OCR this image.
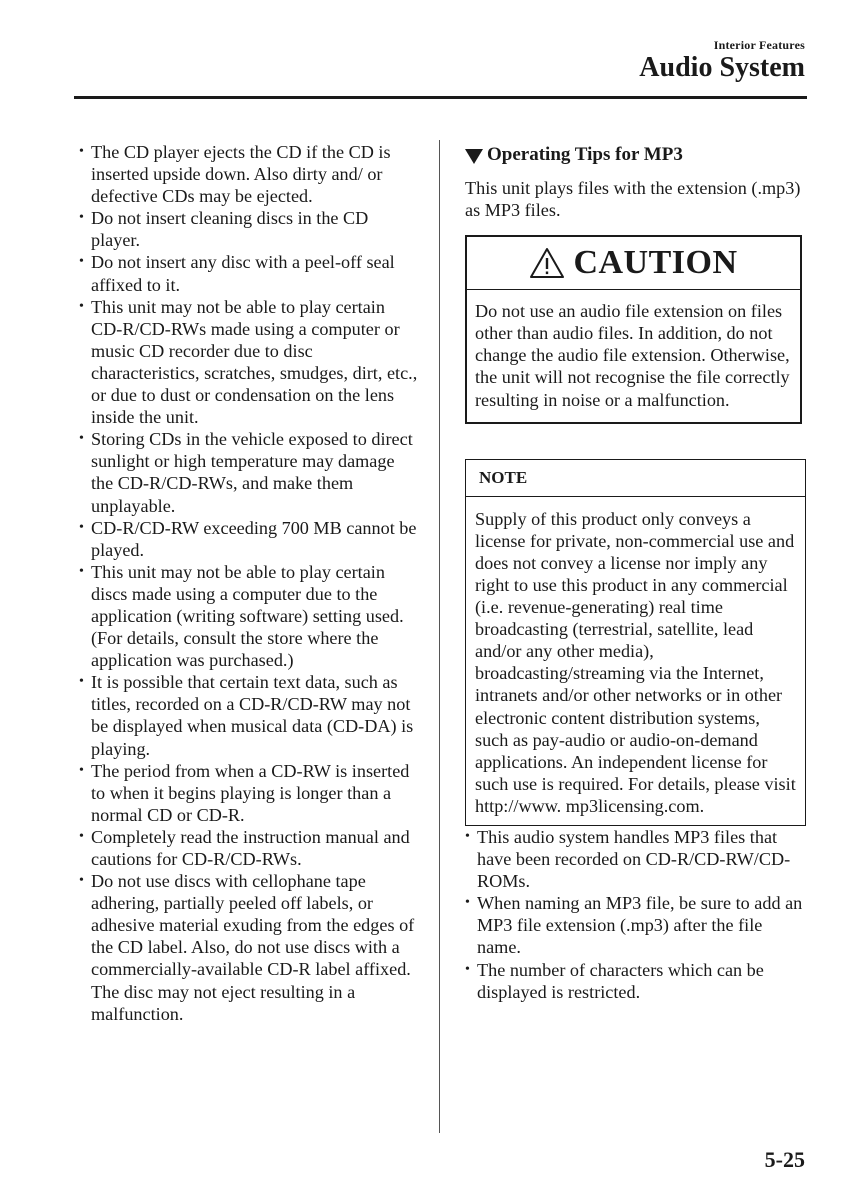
Interior Features
Audio System
• The CD player ejects the CD if the CD is inserted upside down. Also dirty and/ or defective CDs may be ejected.
• Do not insert cleaning discs in the CD player.
• Do not insert any disc with a peel-off seal affixed to it.
• This unit may not be able to play certain CD-R/CD-RWs made using a computer or music CD recorder due to disc characteristics, scratches, smudges, dirt, etc., or due to dust or condensation on the lens inside the unit.
• Storing CDs in the vehicle exposed to direct sunlight or high temperature may damage the CD-R/CD-RWs, and make them unplayable.
• CD-R/CD-RW exceeding 700 MB cannot be played.
• This unit may not be able to play certain discs made using a computer due to the application (writing software) setting used. (For details, consult the store where the application was purchased.)
• It is possible that certain text data, such as titles, recorded on a CD-R/CD-RW may not be displayed when musical data (CD-DA) is playing.
• The period from when a CD-RW is inserted to when it begins playing is longer than a normal CD or CD-R.
• Completely read the instruction manual and cautions for CD-R/CD-RWs.
• Do not use discs with cellophane tape adhering, partially peeled off labels, or adhesive material exuding from the edges of the CD label. Also, do not use discs with a commercially-available CD-R label affixed. The disc may not eject resulting in a malfunction.
Operating Tips for MP3
This unit plays files with the extension (.mp3) as MP3 files.
CAUTION
Do not use an audio file extension on files other than audio files. In addition, do not change the audio file extension. Otherwise, the unit will not recognise the file correctly resulting in noise or a malfunction.
NOTE
Supply of this product only conveys a license for private, non-commercial use and does not convey a license nor imply any right to use this product in any commercial (i.e. revenue-generating) real time broadcasting (terrestrial, satellite, lead and/or any other media), broadcasting/streaming via the Internet, intranets and/or other networks or in other electronic content distribution systems, such as pay-audio or audio-on-demand applications. An independent license for such use is required. For details, please visit http://www. mp3licensing.com.
• This audio system handles MP3 files that have been recorded on CD-R/CD-RW/CD-ROMs.
• When naming an MP3 file, be sure to add an MP3 file extension (.mp3) after the file name.
• The number of characters which can be displayed is restricted.
5-25
